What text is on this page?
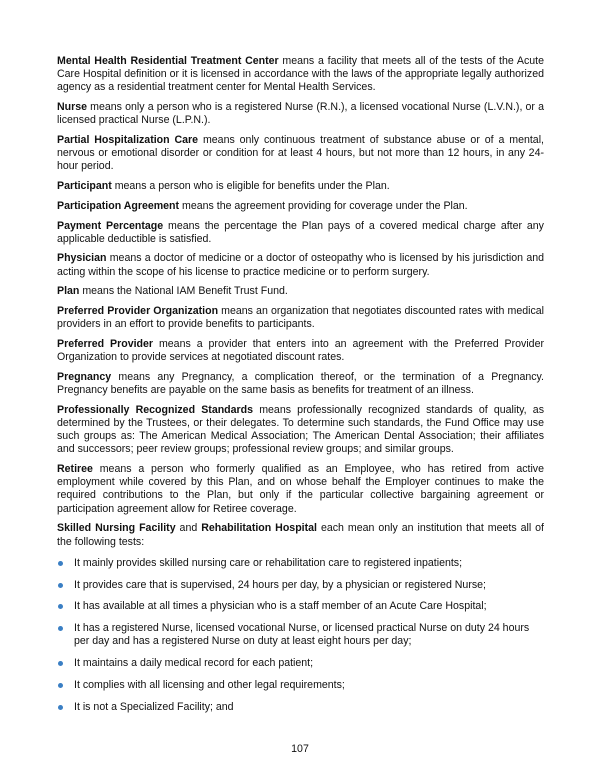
Mental Health Residential Treatment Center means a facility that meets all of the tests of the Acute Care Hospital definition or it is licensed in accordance with the laws of the appropriate legally authorized agency as a residential treatment center for Mental Health Services.

Nurse means only a person who is a registered Nurse (R.N.), a licensed vocational Nurse (L.V.N.), or a licensed practical Nurse (L.P.N.).

Partial Hospitalization Care means only continuous treatment of substance abuse or of a mental, nervous or emotional disorder or condition for at least 4 hours, but not more than 12 hours, in any 24-hour period.

Participant means a person who is eligible for benefits under the Plan.

Participation Agreement means the agreement providing for coverage under the Plan.

Payment Percentage means the percentage the Plan pays of a covered medical charge after any applicable deductible is satisfied.

Physician means a doctor of medicine or a doctor of osteopathy who is licensed by his jurisdiction and acting within the scope of his license to practice medicine or to perform surgery.

Plan means the National IAM Benefit Trust Fund.

Preferred Provider Organization means an organization that negotiates discounted rates with medical providers in an effort to provide benefits to participants.

Preferred Provider means a provider that enters into an agreement with the Preferred Provider Organization to provide services at negotiated discount rates.

Pregnancy means any Pregnancy, a complication thereof, or the termination of a Pregnancy. Pregnancy benefits are payable on the same basis as benefits for treatment of an illness.

Professionally Recognized Standards means professionally recognized standards of quality, as determined by the Trustees, or their delegates. To determine such standards, the Fund Office may use such groups as: The American Medical Association; The American Dental Association; their affiliates and successors; peer review groups; professional review groups; and similar groups.

Retiree means a person who formerly qualified as an Employee, who has retired from active employment while covered by this Plan, and on whose behalf the Employer continues to make the required contributions to the Plan, but only if the particular collective bargaining agreement or participation agreement allow for Retiree coverage.

Skilled Nursing Facility and Rehabilitation Hospital each mean only an institution that meets all of the following tests:

It mainly provides skilled nursing care or rehabilitation care to registered inpatients;
It provides care that is supervised, 24 hours per day, by a physician or registered Nurse;
It has available at all times a physician who is a staff member of an Acute Care Hospital;
It has a registered Nurse, licensed vocational Nurse, or licensed practical Nurse on duty 24 hours per day and has a registered Nurse on duty at least eight hours per day;
It maintains a daily medical record for each patient;
It complies with all licensing and other legal requirements;
It is not a Specialized Facility; and
107
